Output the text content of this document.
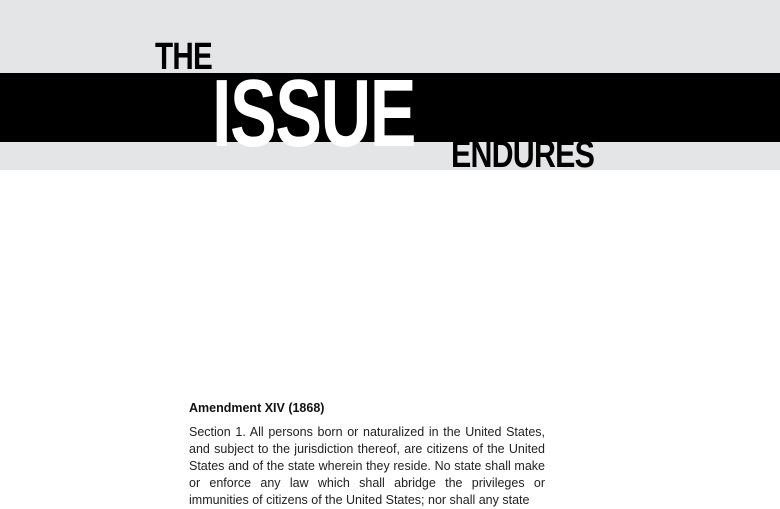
THE
ISSUE ENDURES
Amendment XIV (1868)

Section 1. All persons born or naturalized in the United States, and subject to the jurisdiction thereof, are citizens of the United States and of the state wherein they reside. No state shall make or enforce any law which shall abridge the privileges or immunities of citizens of the United States; nor shall any state
